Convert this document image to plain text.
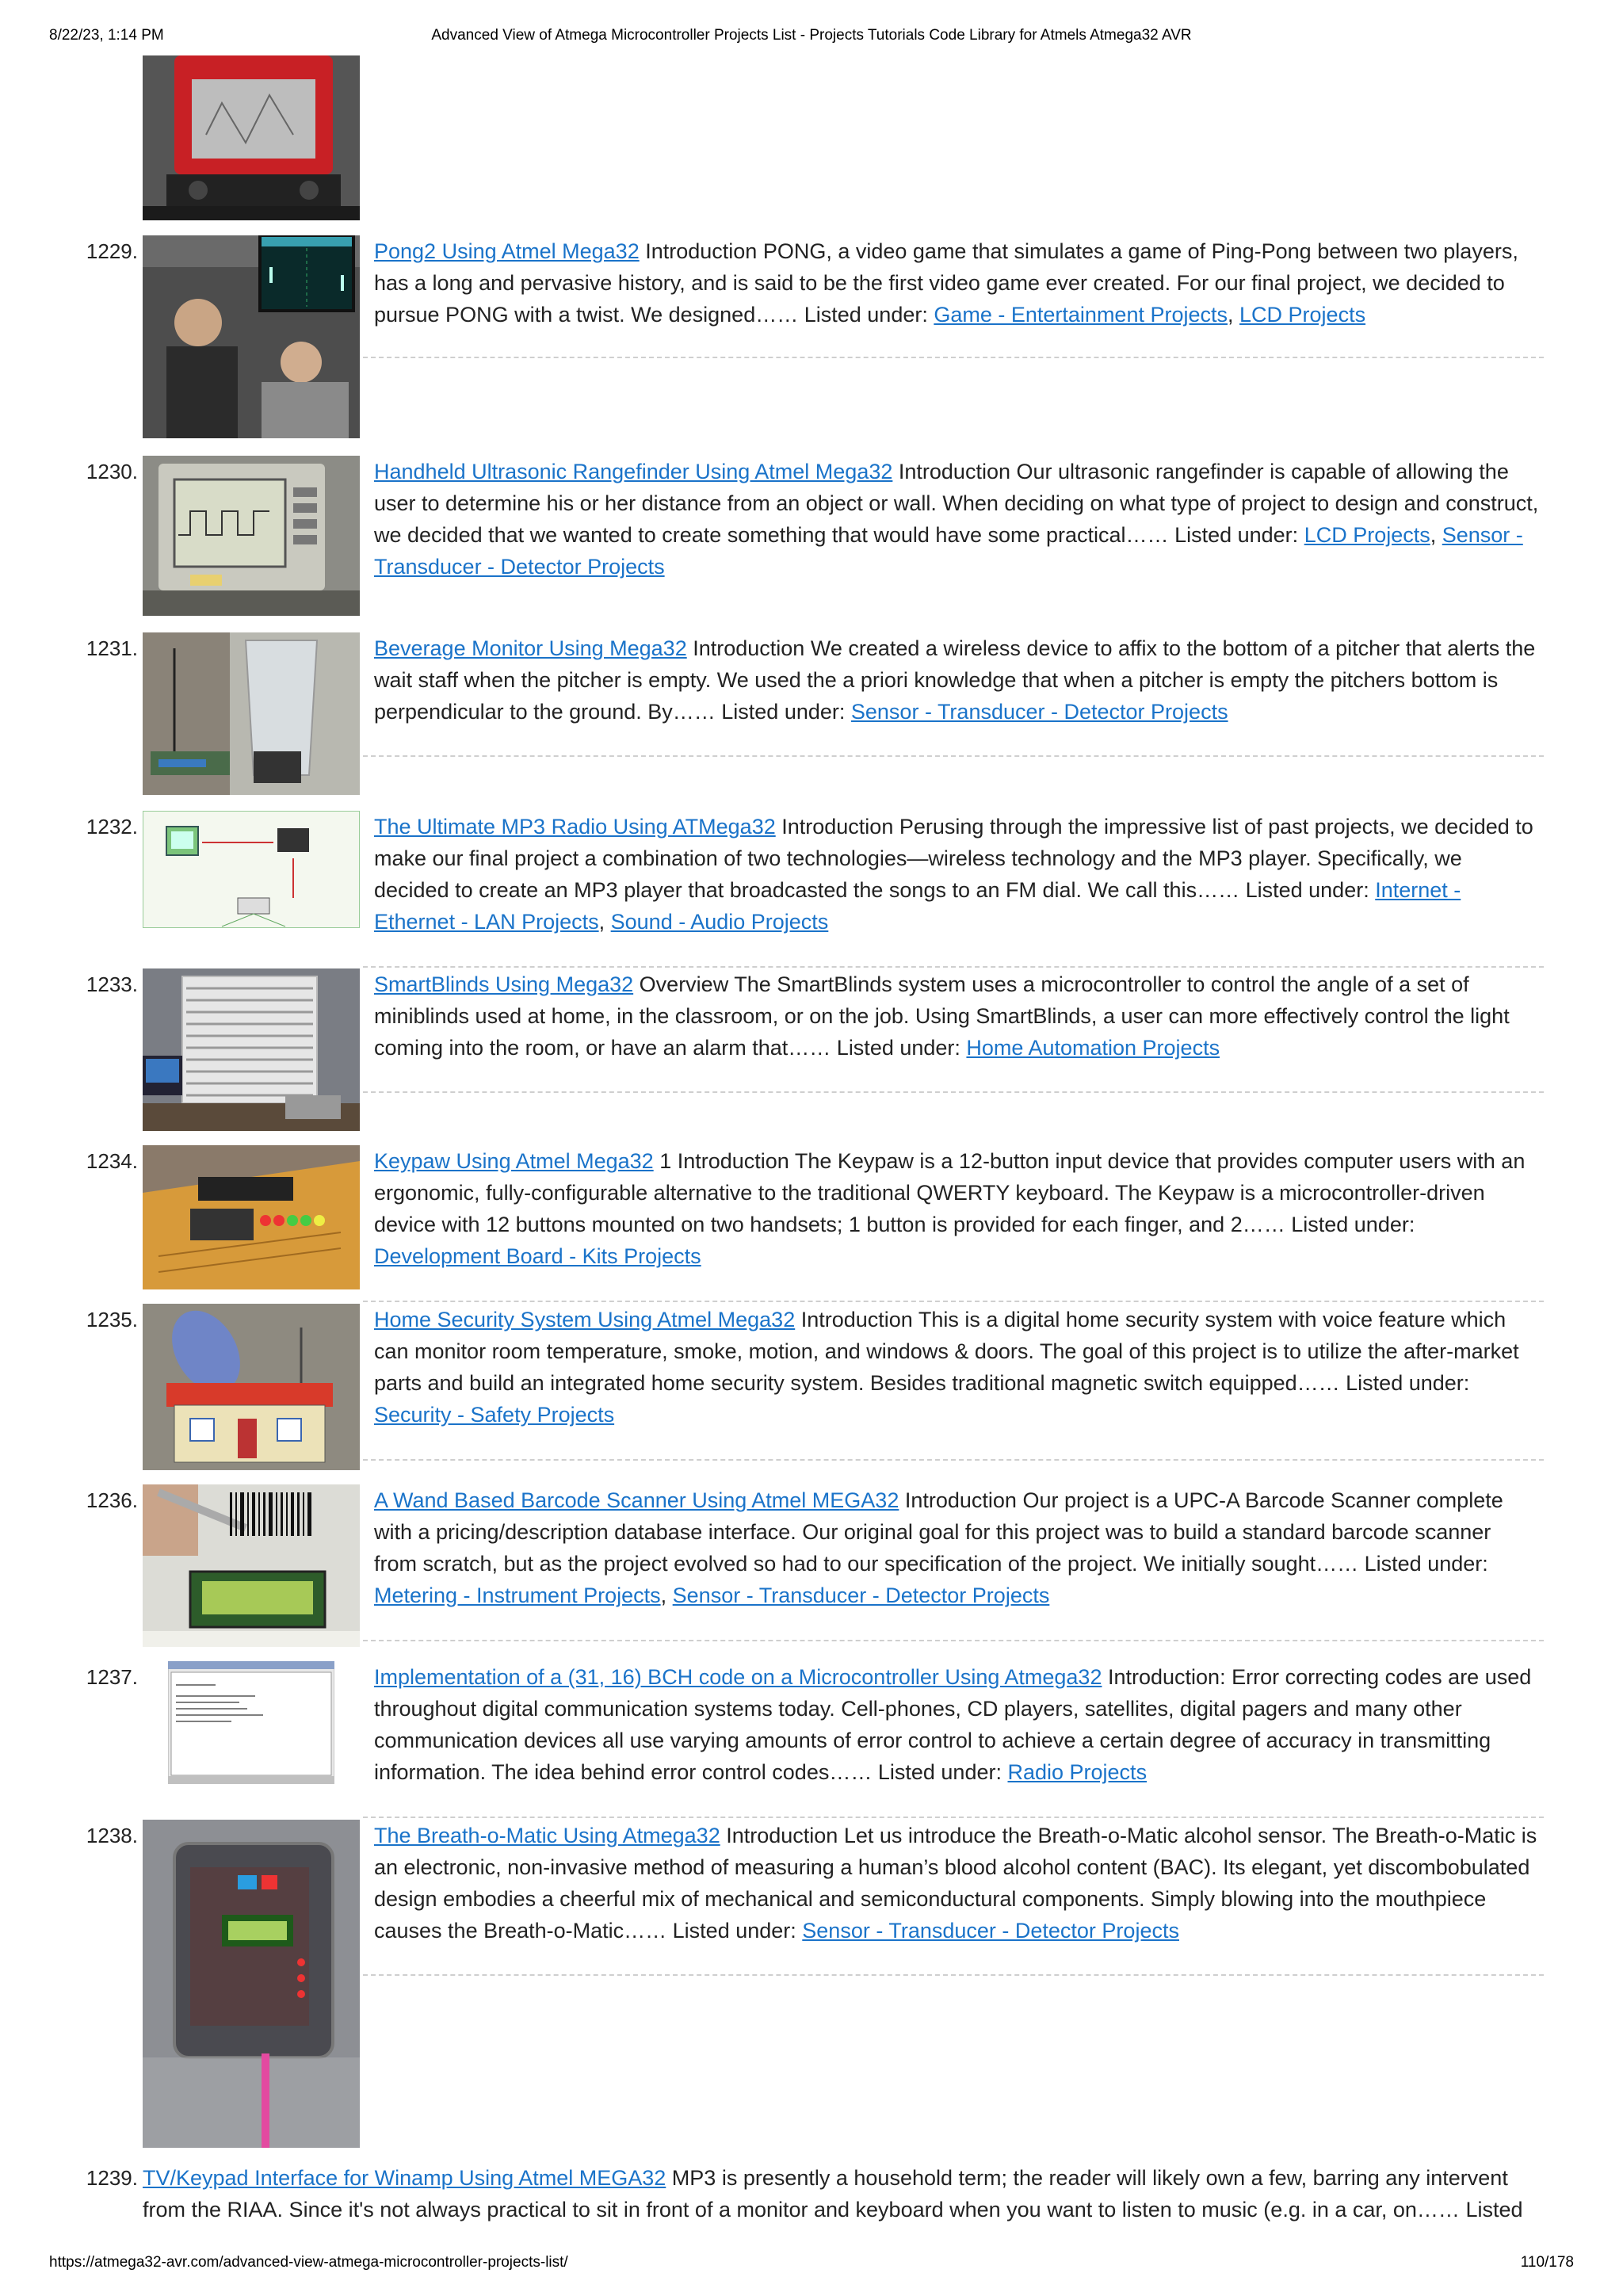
8/22/23, 1:14 PM	Advanced View of Atmega Microcontroller Projects List - Projects Tutorials Code Library for Atmels Atmega32 AVR
1229.	Pong2 Using Atmel Mega32 Introduction PONG, a video game that simulates a game of Ping-Pong between two players, has a long and pervasive history, and is said to be the first video game ever created. For our final project, we decided to pursue PONG with a twist. We designed…… Listed under: Game - Entertainment Projects, LCD Projects
1230.	Handheld Ultrasonic Rangefinder Using Atmel Mega32 Introduction Our ultrasonic rangefinder is capable of allowing the user to determine his or her distance from an object or wall. When deciding on what type of project to design and construct, we decided that we wanted to create something that would have some practical…… Listed under: LCD Projects, Sensor - Transducer - Detector Projects
1231.	Beverage Monitor Using Mega32 Introduction We created a wireless device to affix to the bottom of a pitcher that alerts the wait staff when the pitcher is empty. We used the a priori knowledge that when a pitcher is empty the pitchers bottom is perpendicular to the ground. By…… Listed under: Sensor - Transducer - Detector Projects
1232.	The Ultimate MP3 Radio Using ATMega32 Introduction Perusing through the impressive list of past projects, we decided to make our final project a combination of two technologies—wireless technology and the MP3 player. Specifically, we decided to create an MP3 player that broadcasted the songs to an FM dial. We call this…… Listed under: Internet - Ethernet - LAN Projects, Sound - Audio Projects
1233.	SmartBlinds Using Mega32 Overview The SmartBlinds system uses a microcontroller to control the angle of a set of miniblinds used at home, in the classroom, or on the job. Using SmartBlinds, a user can more effectively control the light coming into the room, or have an alarm that…… Listed under: Home Automation Projects
1234.	Keypaw Using Atmel Mega32 1 Introduction The Keypaw is a 12-button input device that provides computer users with an ergonomic, fully-configurable alternative to the traditional QWERTY keyboard. The Keypaw is a microcontroller-driven device with 12 buttons mounted on two handsets; 1 button is provided for each finger, and 2…… Listed under: Development Board - Kits Projects
1235.	Home Security System Using Atmel Mega32 Introduction This is a digital home security system with voice feature which can monitor room temperature, smoke, motion, and windows & doors. The goal of this project is to utilize the after-market parts and build an integrated home security system. Besides traditional magnetic switch equipped…… Listed under: Security - Safety Projects
1236.	A Wand Based Barcode Scanner Using Atmel MEGA32 Introduction Our project is a UPC-A Barcode Scanner complete with a pricing/description database interface. Our original goal for this project was to build a standard barcode scanner from scratch, but as the project evolved so had to our specification of the project. We initially sought…… Listed under: Metering - Instrument Projects, Sensor - Transducer - Detector Projects
1237.	Implementation of a (31, 16) BCH code on a Microcontroller Using Atmega32 Introduction: Error correcting codes are used throughout digital communication systems today. Cell-phones, CD players, satellites, digital pagers and many other communication devices all use varying amounts of error control to achieve a certain degree of accuracy in transmitting information. The idea behind error control codes…… Listed under: Radio Projects
1238.	The Breath-o-Matic Using Atmega32 Introduction Let us introduce the Breath-o-Matic alcohol sensor. The Breath-o-Matic is an electronic, non-invasive method of measuring a human’s blood alcohol content (BAC). Its elegant, yet discombobulated design embodies a cheerful mix of mechanical and semiconductural components. Simply blowing into the mouthpiece causes the Breath-o-Matic…… Listed under: Sensor - Transducer - Detector Projects
1239. TV/Keypad Interface for Winamp Using Atmel MEGA32 MP3 is presently a household term; the reader will likely own a few, barring any intervent from the RIAA. Since it's not always practical to sit in front of a monitor and keyboard when you want to listen to music (e.g. in a car, on…… Listed
https://atmega32-avr.com/advanced-view-atmega-microcontroller-projects-list/	110/178
